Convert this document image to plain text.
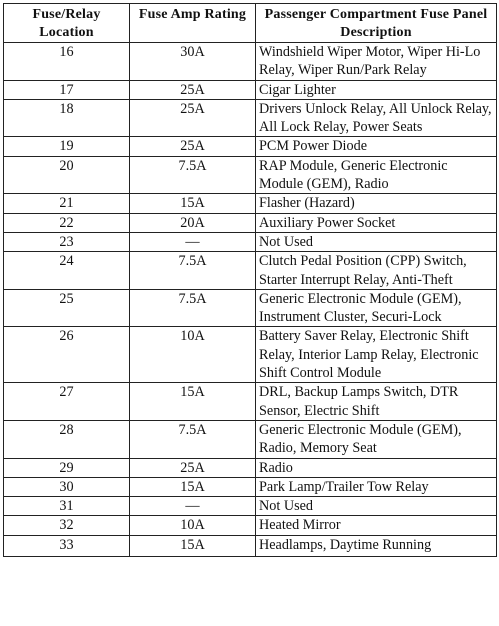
Fuse/Relay Location	Fuse Amp Rating	Passenger Compartment Fuse Panel Description
16	30A	Windshield Wiper Motor, Wiper Hi-Lo Relay, Wiper Run/Park Relay
17	25A	Cigar Lighter
18	25A	Drivers Unlock Relay, All Unlock Relay, All Lock Relay, Power Seats
19	25A	PCM Power Diode
20	7.5A	RAP Module, Generic Electronic Module (GEM), Radio
21	15A	Flasher (Hazard)
22	20A	Auxiliary Power Socket
23	—	Not Used
24	7.5A	Clutch Pedal Position (CPP) Switch, Starter Interrupt Relay, Anti-Theft
25	7.5A	Generic Electronic Module (GEM), Instrument Cluster, Securi-Lock
26	10A	Battery Saver Relay, Electronic Shift Relay, Interior Lamp Relay, Electronic Shift Control Module
27	15A	DRL, Backup Lamps Switch, DTR Sensor, Electric Shift
28	7.5A	Generic Electronic Module (GEM), Radio, Memory Seat
29	25A	Radio
30	15A	Park Lamp/Trailer Tow Relay
31	—	Not Used
32	10A	Heated Mirror
33	15A	Headlamps, Daytime Running
